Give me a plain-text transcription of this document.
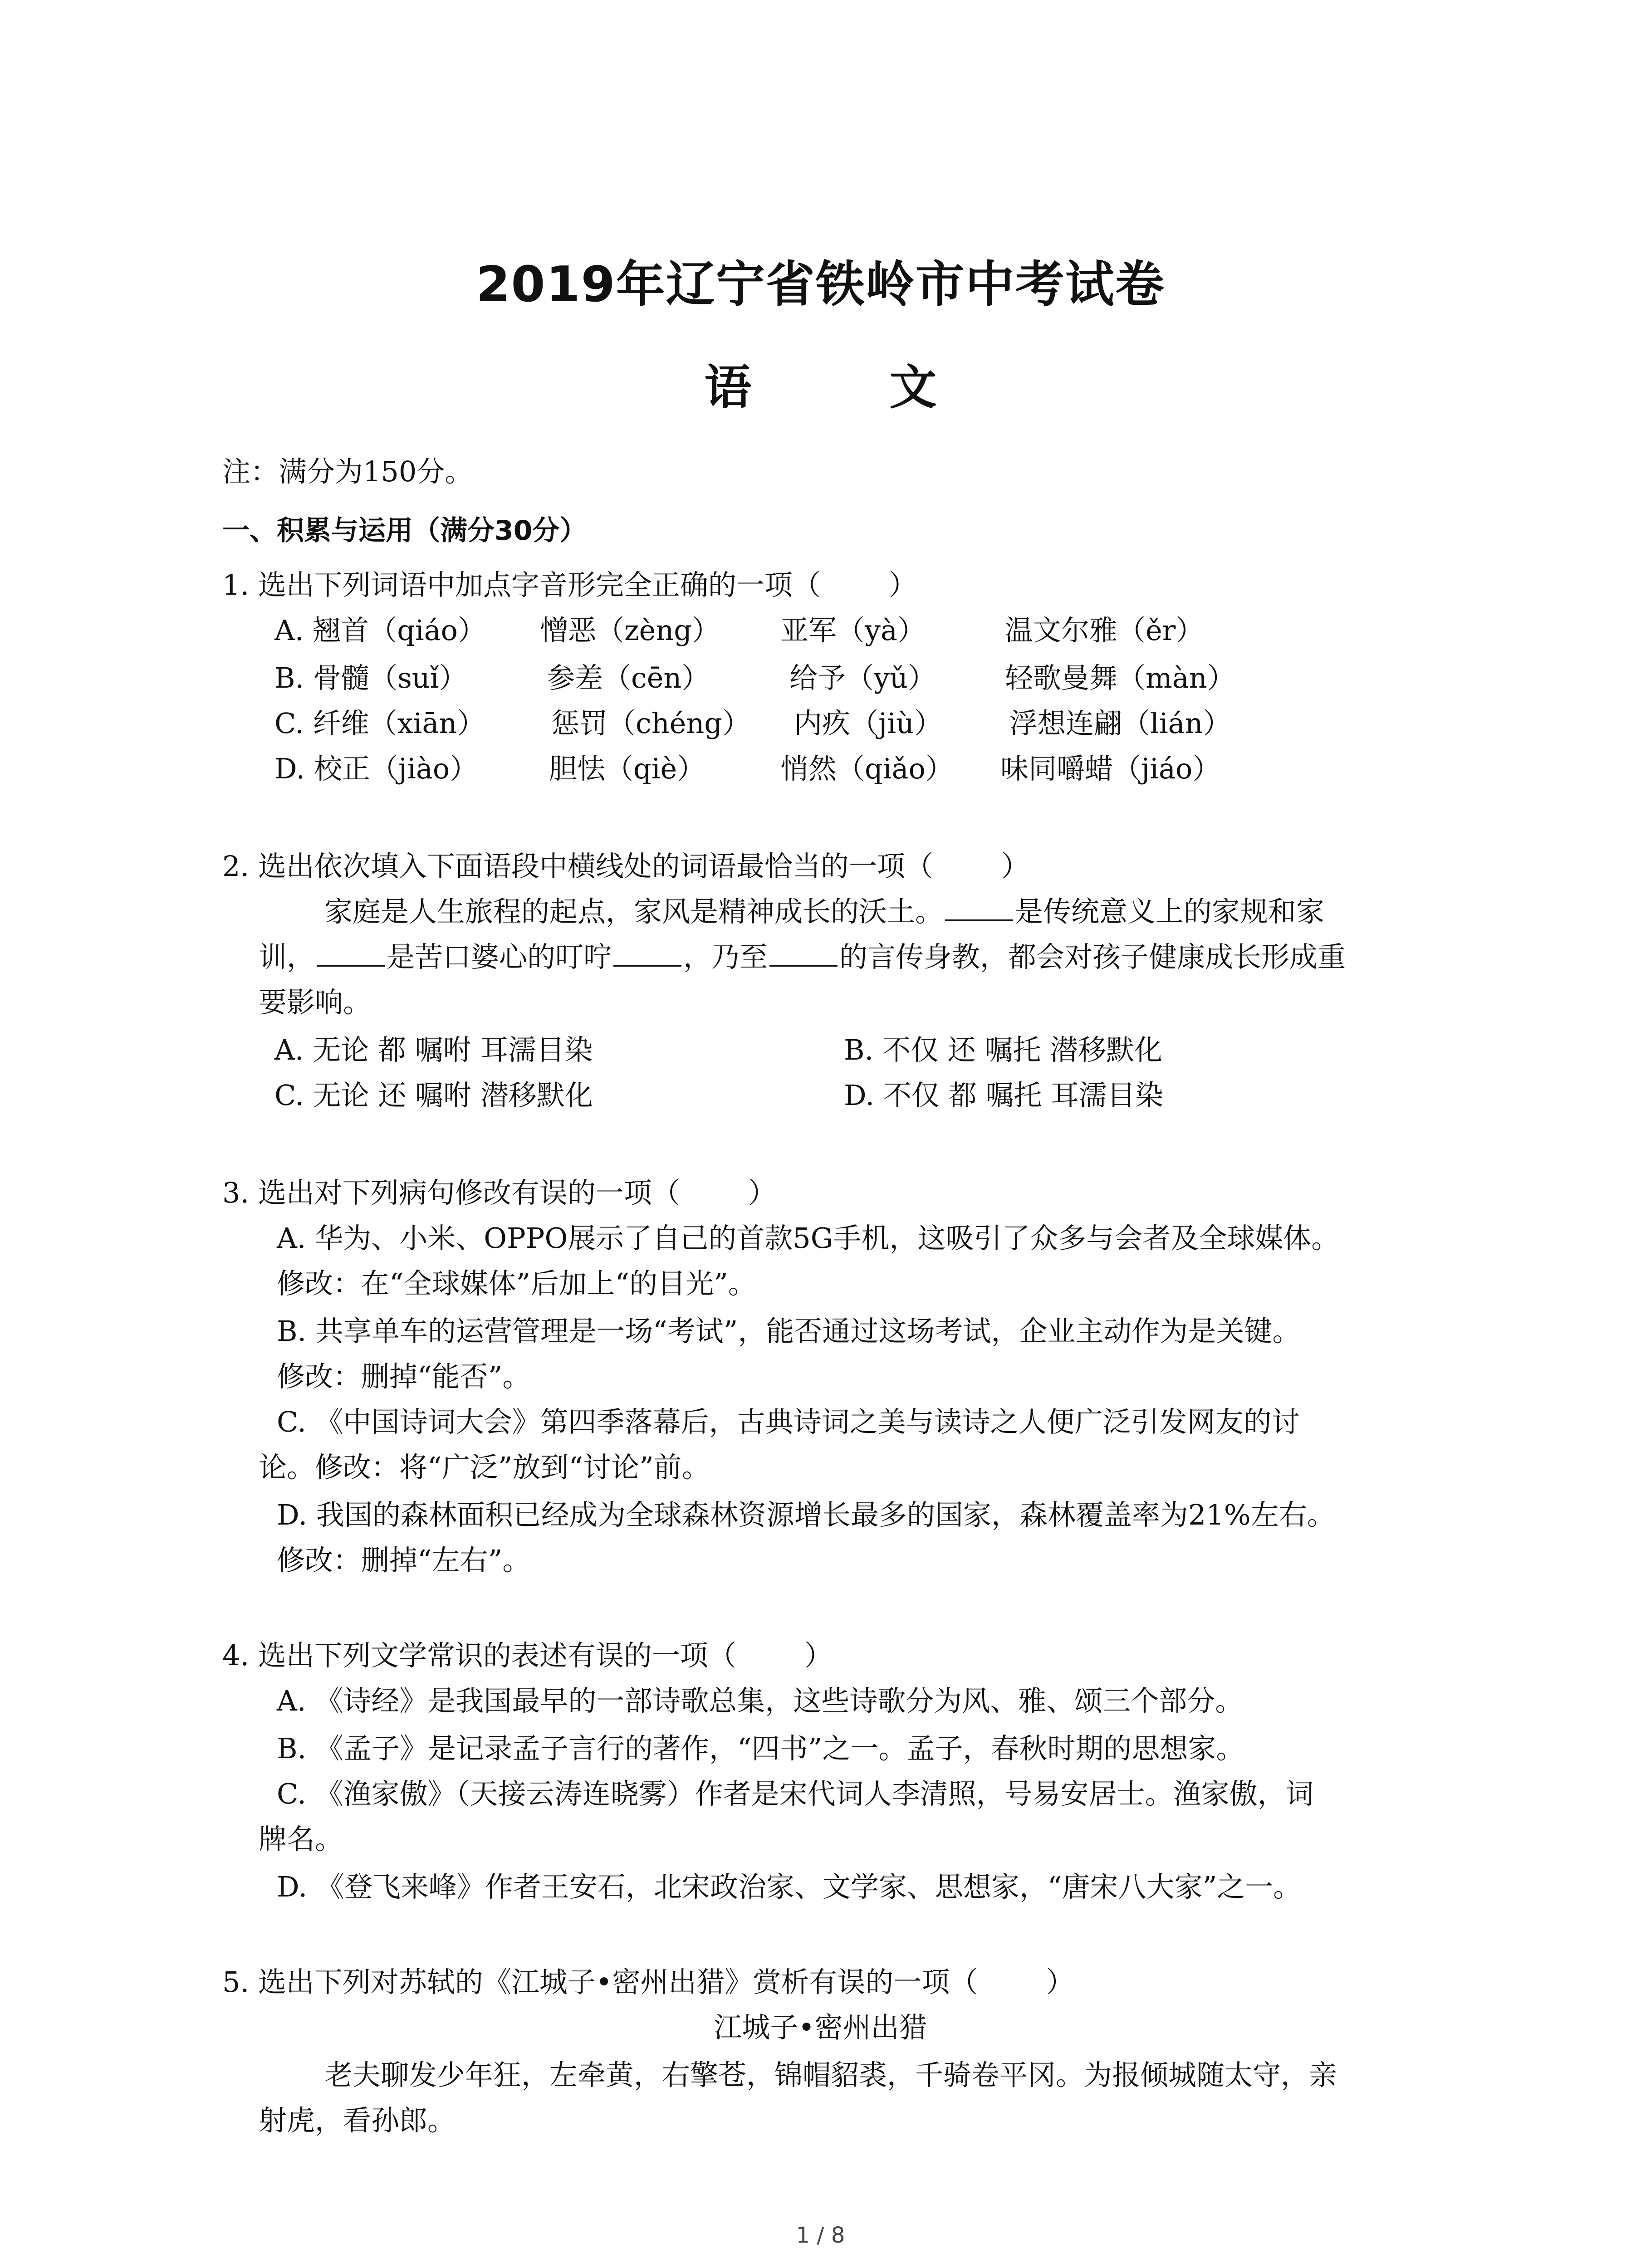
2019年辽宁省铁岭市中考试卷
语　文
注：满分为150分。
一、积累与运用（满分30分）
1. 选出下列词语中加点字音形完全正确的一项（ ）
A. 翘首（qiáo） 憎恶（zèng） 亚军（yà）	温文尔雅（ěr）
B. 骨髓（suǐ）	参差（cēn）	给予（yǔ） 轻歌曼舞（màn）
C. 纤维（xiān） 惩罚（chéng） 内疚（jiù） 浮想连翩（lián）
D. 校正（jiào）	胆怯（qiè）	悄然（qiǎo） 味同嚼蜡（jiáo）
2. 选出依次填入下面语段中横线处的词语最恰当的一项（ ）
家庭是人生旅程的起点，家风是精神成长的沃土。	是传统意义上的家规和家
训，	是苦口婆心的叮咛	，乃至	的言传身教，都会对孩子健康成长形成重
要影响。
A. 无论 都 嘱咐 耳濡目染	B. 不仅 还 嘱托 潜移默化
C. 无论 还 嘱咐 潜移默化	D. 不仅 都 嘱托 耳濡目染
3. 选出对下列病句修改有误的一项（ ）
A. 华为、小米、OPPO展示了自己的首款5G手机，这吸引了众多与会者及全球媒体。
修改：在“全球媒体”后加上“的目光”。
B. 共享单车的运营管理是一场“考试”，能否通过这场考试，企业主动作为是关键。
修改：删掉“能否”。
C. 《中国诗词大会》第四季落幕后，古典诗词之美与读诗之人便广泛引发网友的讨
论。修改：将“广泛”放到“讨论”前。
D. 我国的森林面积已经成为全球森林资源增长最多的国家，森林覆盖率为21%左右。
修改：删掉“左右”。
4. 选出下列文学常识的表述有误的一项（ ）
A. 《诗经》是我国最早的一部诗歌总集，这些诗歌分为风、雅、颂三个部分。
B. 《孟子》是记录孟子言行的著作，“四书”之一。孟子，春秋时期的思想家。
C. 《渔家傲》（天接云涛连晓雾）作者是宋代词人李清照，号易安居士。渔家傲，词
牌名。
D. 《登飞来峰》作者王安石，北宋政治家、文学家、思想家，“唐宋八大家”之一。
5. 选出下列对苏轼的《江城子•密州出猎》赏析有误的一项（ ）
江城子•密州出猎
老夫聊发少年狂，左牵黄，右擎苍，锦帽貂裘，千骑卷平冈。为报倾城随太守，亲
射虎，看孙郎。
1 / 8
